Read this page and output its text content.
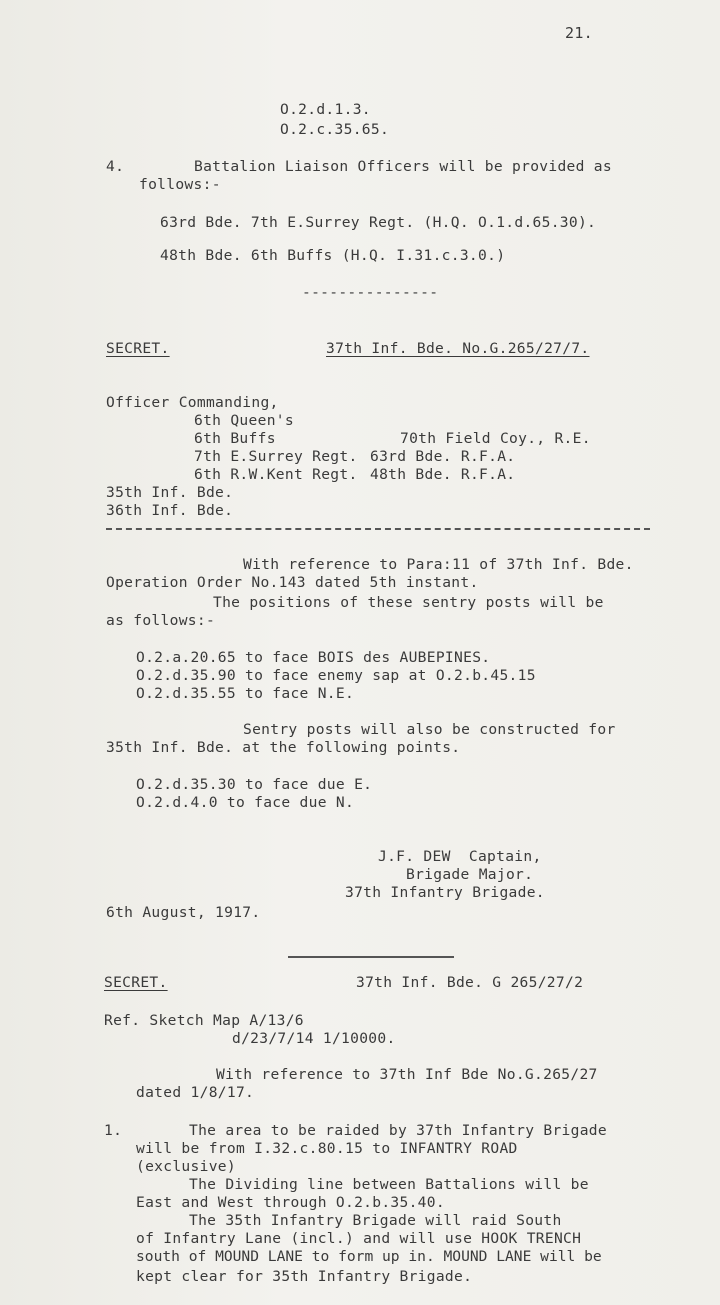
21.
O.2.d.1.3.
O.2.c.35.65.
4.	Battalion Liaison Officers will be provided as
follows:-
63rd Bde. 7th E.Surrey Regt. (H.Q. O.1.d.65.30).
48th Bde. 6th Buffs (H.Q. I.31.c.3.0.)
---------------
SECRET.	37th Inf. Bde. No.G.265/27/7.
Officer Commanding,
6th Queen's
6th Buffs	70th Field Coy., R.E.
7th E.Surrey Regt. 63rd Bde. R.F.A.
6th R.W.Kent Regt. 48th Bde. R.F.A.
35th Inf. Bde.
36th Inf. Bde.
With reference to Para:11 of 37th Inf. Bde.
Operation Order No.143 dated 5th instant.
The positions of these sentry posts will be
as follows:-
O.2.a.20.65 to face BOIS des AUBEPINES.
O.2.d.35.90 to face enemy sap at O.2.b.45.15
O.2.d.35.55 to face N.E.
Sentry posts will also be constructed for
35th Inf. Bde. at the following points.
O.2.d.35.30 to face due E.
O.2.d.4.0 to face due N.
J.F. DEW  Captain,
Brigade Major.
37th Infantry Brigade.
6th August, 1917.
SECRET.	37th Inf. Bde. G 265/27/2
Ref. Sketch Map A/13/6
d/23/7/14 1/10000.
With reference to 37th Inf Bde No.G.265/27
dated 1/8/17.
1.	The area to be raided by 37th Infantry Brigade
will be from I.32.c.80.15 to INFANTRY ROAD
(exclusive)
The Dividing line between Battalions will be
East and West through O.2.b.35.40.
The 35th Infantry Brigade will raid South
of Infantry Lane (incl.) and will use HOOK TRENCH
south of MOUND LANE to form up in. MOUND LANE will be
kept clear for 35th Infantry Brigade.
